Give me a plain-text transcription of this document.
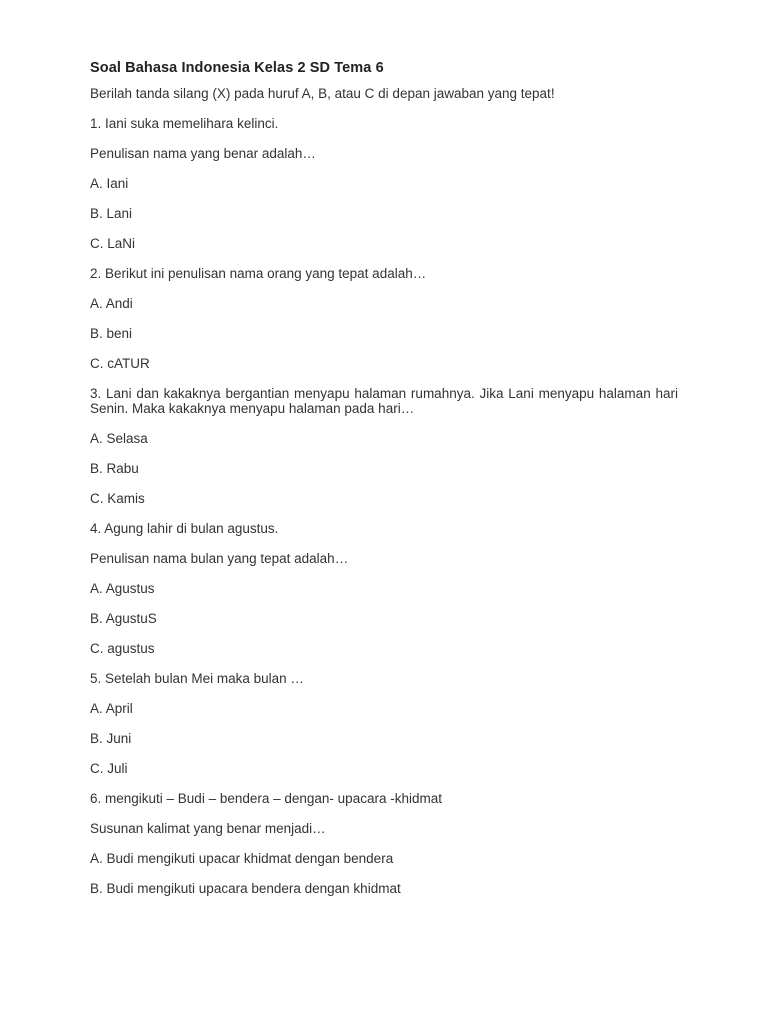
Soal Bahasa Indonesia Kelas 2 SD Tema 6

Berilah tanda silang (X) pada huruf A, B, atau C di depan jawaban yang tepat!

1. Iani suka memelihara kelinci.

Penulisan nama yang benar adalah…

A. Iani

B. Lani

C. LaNi

2. Berikut ini penulisan nama orang yang tepat adalah…

A. Andi

B. beni

C. cATUR

3. Lani dan kakaknya bergantian menyapu halaman rumahnya. Jika Lani menyapu halaman hari Senin. Maka kakaknya menyapu halaman pada hari…

A. Selasa

B. Rabu

C. Kamis

4. Agung lahir di bulan agustus.

Penulisan nama bulan yang tepat adalah…

A. Agustus

B. AgustuS

C. agustus

5. Setelah bulan Mei maka bulan …

A. April

B. Juni

C. Juli

6. mengikuti – Budi – bendera – dengan- upacara -khidmat

Susunan kalimat yang benar menjadi…

A. Budi mengikuti upacar khidmat dengan bendera

B. Budi mengikuti upacara bendera dengan khidmat
